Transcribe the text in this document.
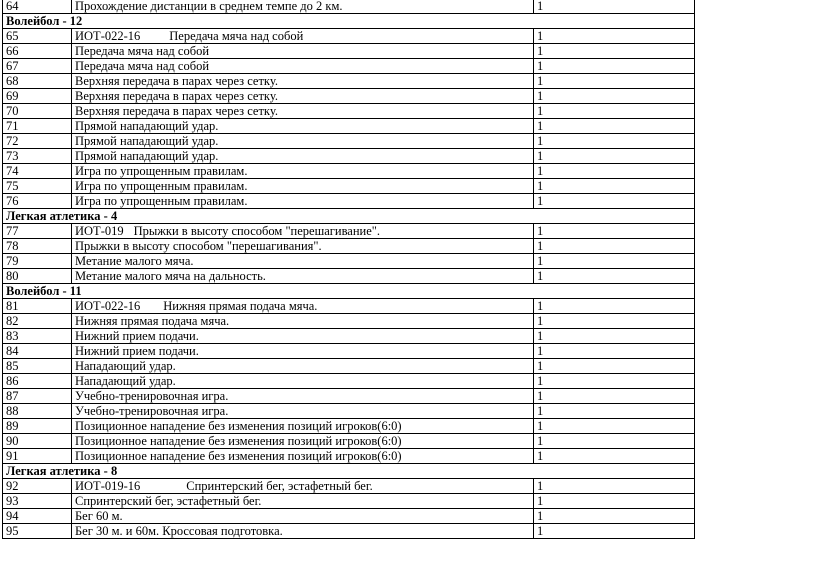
64	Прохождение дистанции в среднем темпе до 2 км.	1
Волейбол - 12		
65	ИОТ-022-16 Передача мяча над собой	1
66	Передача мяча над собой	1
67	Передача мяча над собой	1
68	Верхняя передача в парах через сетку.	1
69	Верхняя передача в парах через сетку.	1
70	Верхняя передача в парах через сетку.	1
71	Прямой нападающий удар.	1
72	Прямой нападающий удар.	1
73	Прямой нападающий удар.	1
74	Игра по упрощенным правилам.	1
75	Игра по упрощенным правилам.	1
76	Игра по упрощенным правилам.	1
Легкая атлетика - 4		
77	ИОТ-019 Прыжки в высоту способом "перешагивание".	1
78	Прыжки в высоту способом "перешагивания".	1
79	Метание малого мяча.	1
80	Метание малого мяча на дальность.	1
Волейбол - 11		
81	ИОТ-022-16 Нижняя прямая подача мяча.	1
82	Нижняя прямая подача мяча.	1
83	Нижний прием подачи.	1
84	Нижний прием подачи.	1
85	Нападающий удар.	1
86	Нападающий удар.	1
87	Учебно-тренировочная игра.	1
88	Учебно-тренировочная игра.	1
89	Позиционное нападение без изменения позиций игроков(6:0)	1
90	Позиционное нападение без изменения позиций игроков(6:0)	1
91	Позиционное нападение без изменения позиций игроков(6:0)	1
Легкая атлетика - 8		
92	ИОТ-019-16 Спринтерский бег, эстафетный бег.	1
93	Спринтерский бег, эстафетный бег.	1
94	Бег 60 м.	1
95	Бег 30 м. и 60м. Кроссовая подготовка.	1
